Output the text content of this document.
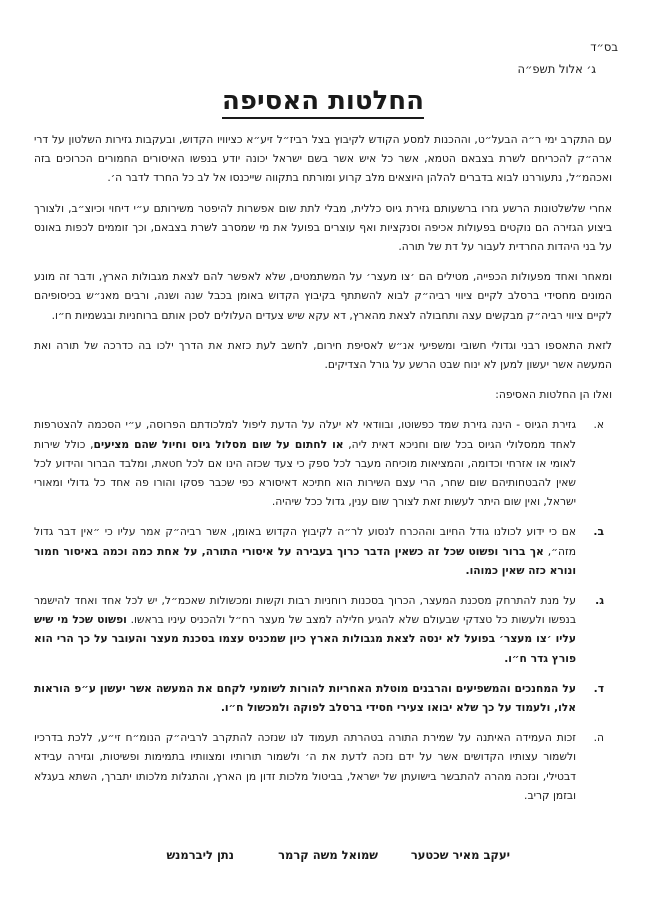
בס״ד
ג׳ אלול תשפ״ה
החלטות האסיפה

עם התקרב ימי ר״ה הבעל״ט, וההכנות למסע הקודש לקיבוץ בצל רביז״ל זיע״א כציוויו הקדוש, ובעקבות גזירות השלטון על דרי ארה״ק להכריחם לשרת בצבאם הטמא, אשר כל איש אשר בשם ישראל יכונה יודע בנפשו האיסורים החמורים הכרוכים בזה ואכהמ״ל, נתעוררנו לבוא בדברים להלהן היוצאים מלב קרוע ומורתח בתקווה שייכנסו אל לב כל החרד לדבר ה׳.

אחרי שלשלטונות הרשע גזרו ברשעותם גזירת גיוס כללית, מבלי לתת שום אפשרות להיפטר משירותם ע״י דיחוי וכיוצ״ב, ולצורך ביצוע הגזירה הם נוקטים בפעולות אכיפה וסנקציות ואף עוצרים בפועל את מי שמסרב לשרת בצבאם, וכך זוממים לכפות באונס על בני היהדות החרדית לעבור על דת של תורה.

ומאחר ואחד מפעולות הכפייה, מטילים הם ׳צו מעצר׳ על המשתמטים, שלא לאפשר להם לצאת מגבולות הארץ, ודבר זה מונע המונים מחסידי ברסלב לקיים ציווי רביה״ק לבוא להשתתף בקיבוץ הקדוש באומן בכבל שנה ושנה, ורבים מאנ״ש בכיסופיהם לקיים ציווי רביה״ק מבקשים עצה ותחבולה לצאת מהארץ, דא עקא שיש צעדים העלולים לסכן אותם ברוחניות ובגשמיות ח״ו.

לזאת התאספו רבני וגדולי חשובי ומשפיעי אנ״ש לאסיפת חירום, לחשב לעת כזאת את הדרך ילכו בה כדרכה של תורה ואת המעשה אשר יעשון למען לא ינוח שבט הרשע על גורל הצדיקים.

ואלו הן החלטות האסיפה:

א.
גזירת הגיוס - הינה גזירת שמד כפשוטו, ובוודאי לא יעלה על הדעת ליפול למלכודתם הפרוסה, ע״י הסכמה להצטרפות לאחד ממסלולי הגיוס בכל שום וחניכא דאית ליה, או לחתום על שום מסלול גיוס וחיול שהם מציעים, כולל שירות לאומי או אזרחי וכדומה, והמציאות מוכיחה מעבר לכל ספק כי צעד שכזה הינו אם לכל חטאת, ומלבד הברור והידוע לכל שאין להבטחותיהם שום שחר, הרי עצם השירות הוא חתיכא דאיסורא כפי שכבר פסקו והורו פה אחד כל גדולי ומאורי ישראל, ואין שום היתר לעשות זאת לצורך שום ענין, גדול ככל שיהיה.
ב.
אם כי ידוע לכולנו גודל החיוב וההכרח לנסוע לר״ה לקיבוץ הקדוש באומן, אשר רביה״ק אמר עליו כי ״אין דבר גדול מזה״, אך ברור ופשוט שכל זה כשאין הדבר כרוך בעבירה על איסורי התורה, על אחת כמה וכמה באיסור חמור ונורא כזה שאין כמוהו.
ג.
על מנת להתרחק מסכנת המעצר, הכרוך בסכנות רוחניות רבות וקשות ומכשולות שאכמ״ל, יש לכל אחד ואחד להישמר בנפשו ולעשות כל טצדקי שבעולם שלא להגיע חלילה למצב של מעצר רח״ל ולהכניס עיניו בראשו. ופשוט שכל מי שיש עליו ׳צו מעצר׳ בפועל לא ינסה לצאת מגבולות הארץ כיון שמכניס עצמו בסכנת מעצר והעובר על כך הרי הוא פורץ גדר ח״ו.
ד.
על המחנכים והמשפיעים והרבנים מוטלת האחריות להורות לשומעי לקחם את המעשה אשר יעשון ע״פ הוראות אלו, ולעמוד על כך שלא יבואו צעירי חסידי ברסלב לפוקה ולמכשול ח״ו.
ה.
זכות העמידה האיתנה על שמירת התורה בטהרתה תעמוד לנו שנזכה להתקרב לרביה״ק הנומ״ח זי״ע, ללכת בדרכיו ולשמור עצותיו הקדושים אשר על ידם נזכה לדעת את ה׳ ולשמור תורותיו ומצוותיו בתמימות ופשיטות, וגזירה עבידא דבטילי, ונזכה מהרה להתבשר בישועתן של ישראל, בביטול מלכות זדון מן הארץ, והתגלות מלכותו יתברך, השתא בעגלא ובזמן קריב.
יעקב מאיר שכטער
שמואל משה קרמר
נתן ליברמנש
